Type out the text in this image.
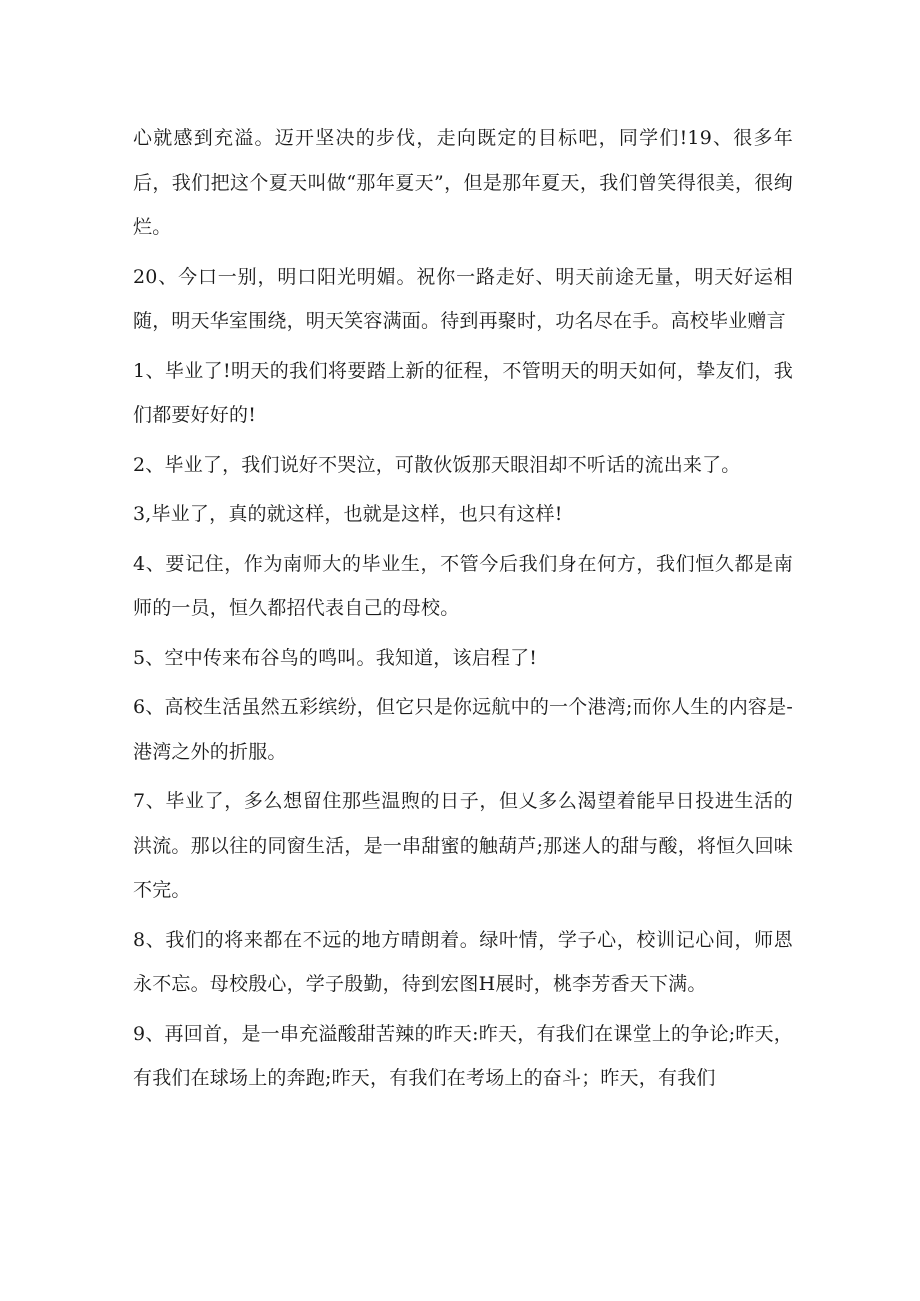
心就感到充溢。迈开坚决的步伐，走向既定的目标吧，同学们!19、很多年后，我们把这个夏天叫做“那年夏天”，但是那年夏天，我们曾笑得很美，很绚烂。

20、今口一别，明口阳光明媚。祝你一路走好、明天前途无量，明天好运相随，明天华室围绕，明天笑容满面。待到再聚时，功名尽在手。高校毕业赠言

1、毕业了!明天的我们将要踏上新的征程，不管明天的明天如何，挚友们，我们都要好好的!

2、毕业了，我们说好不哭泣，可散伙饭那天眼泪却不听话的流出来了。

3,毕业了，真的就这样，也就是这样，也只有这样!

4、要记住，作为南师大的毕业生，不管今后我们身在何方，我们恒久都是南师的一员，恒久都招代表自己的母校。

5、空中传来布谷鸟的鸣叫。我知道，该启程了!

6、高校生活虽然五彩缤纷，但它只是你远航中的一个港湾;而你人生的内容是-港湾之外的折服。

7、毕业了，多么想留住那些温煦的日子，但乂多么渴望着能早日投进生活的洪流。那以往的同窗生活，是一串甜蜜的触葫芦;那迷人的甜与酸，将恒久回味不完。

8、我们的将来都在不远的地方晴朗着。绿叶情，学子心，校训记心间，师恩永不忘。母校殷心，学子殷勤，待到宏图H展时，桃李芳香天下满。

9、再回首，是一串充溢酸甜苦辣的昨天:昨天，有我们在课堂上的争论;昨天，有我们在球场上的奔跑;昨天，有我们在考场上的奋斗；昨天，有我们
